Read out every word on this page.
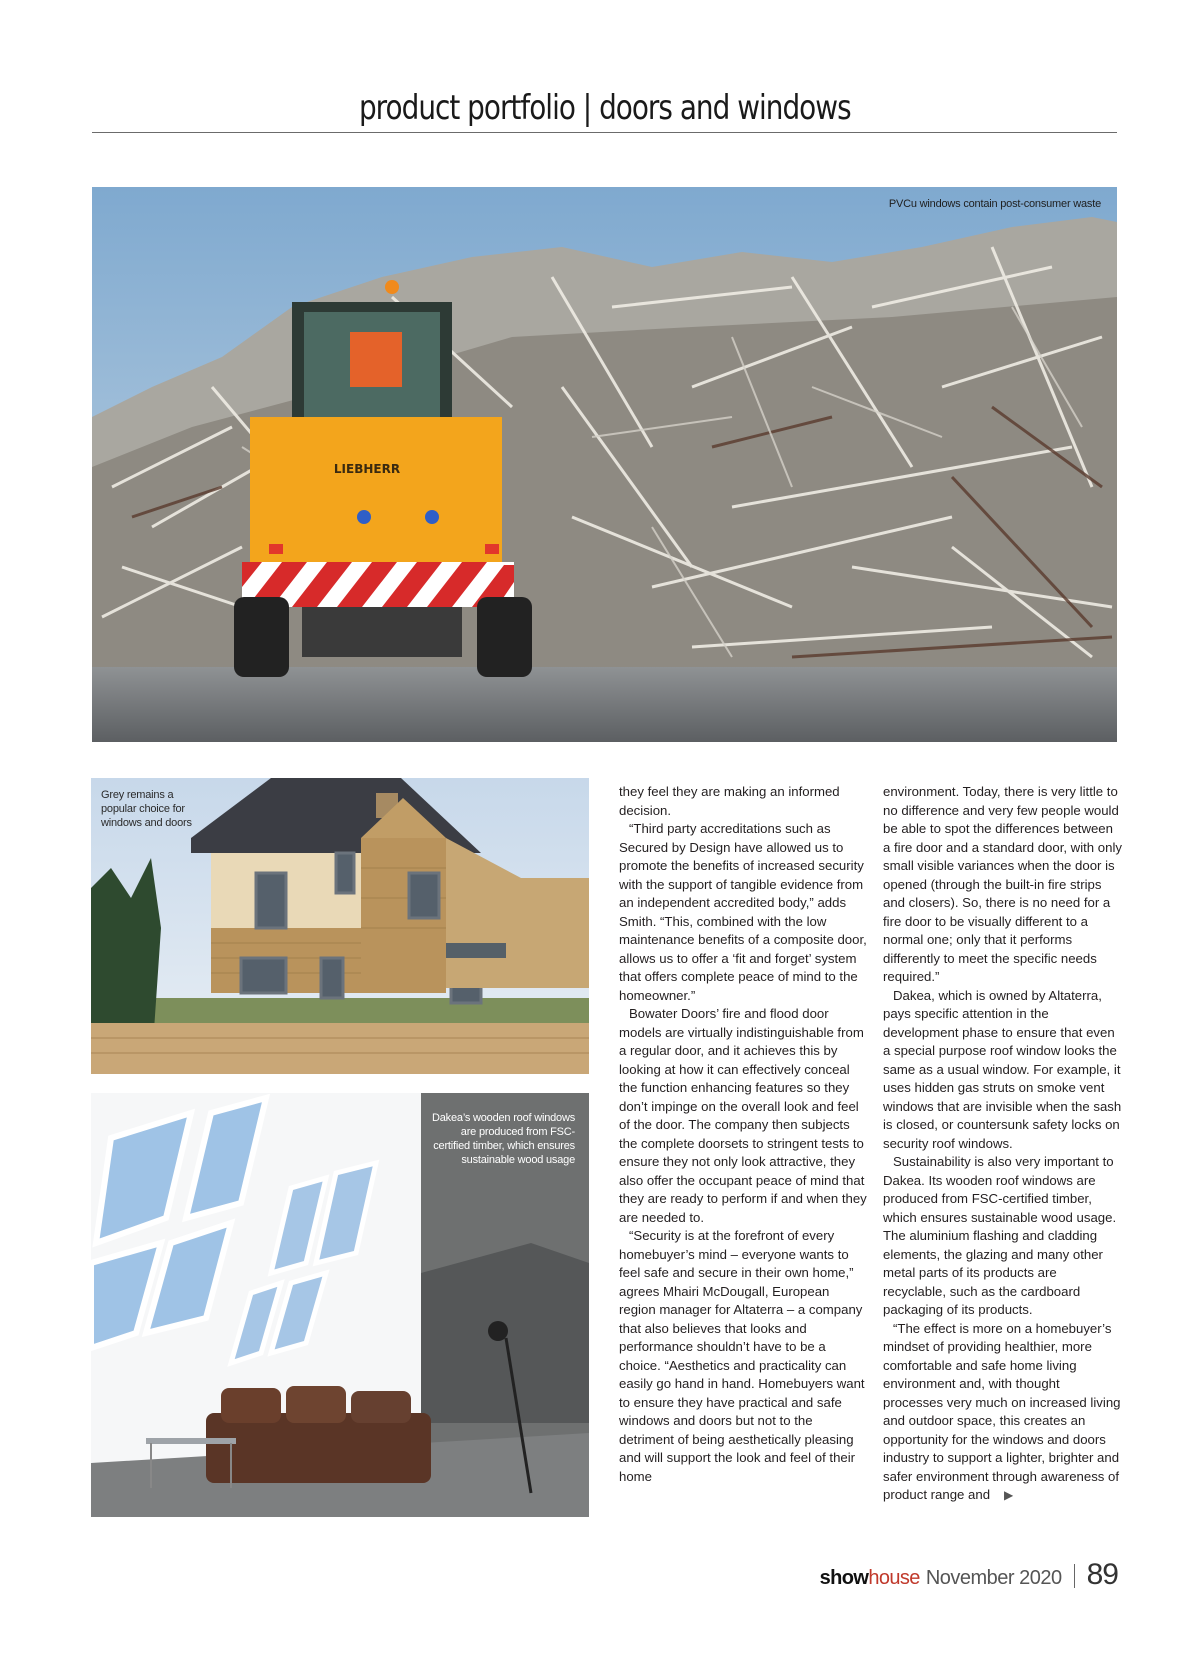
product portfolio | doors and windows
LIEBHERR
PVCu windows contain post-consumer waste
Grey remains a popular choice for windows and doors
Dakea’s wooden roof windows are produced from FSC-certified timber, which ensures sustainable wood usage

they feel they are making an informed decision.

“Third party accreditations such as Secured by Design have allowed us to promote the benefits of increased security with the support of tangible evidence from an independent accredited body,” adds Smith. “This, combined with the low maintenance benefits of a composite door, allows us to offer a ‘fit and forget’ system that offers complete peace of mind to the homeowner.”

Bowater Doors’ fire and flood door models are virtually indistinguishable from a regular door, and it achieves this by looking at how it can effectively conceal the function enhancing features so they don’t impinge on the overall look and feel of the door. The company then subjects the complete doorsets to stringent tests to ensure they not only look attractive, they also offer the occupant peace of mind that they are ready to perform if and when they are needed to.

“Security is at the forefront of every homebuyer’s mind – everyone wants to feel safe and secure in their own home,” agrees Mhairi McDougall, European region manager for Altaterra – a company that also believes that looks and performance shouldn’t have to be a choice. “Aesthetics and practicality can easily go hand in hand. Homebuyers want to ensure they have practical and safe windows and doors but not to the detriment of being aesthetically pleasing and will support the look and feel of their home

environment. Today, there is very little to no difference and very few people would be able to spot the differences between a fire door and a standard door, with only small visible variances when the door is opened (through the built-in fire strips and closers). So, there is no need for a fire door to be visually different to a normal one; only that it performs differently to meet the specific needs required.”

Dakea, which is owned by Altaterra, pays specific attention in the development phase to ensure that even a special purpose roof window looks the same as a usual window. For example, it uses hidden gas struts on smoke vent windows that are invisible when the sash is closed, or countersunk safety locks on security roof windows.

Sustainability is also very important to Dakea. Its wooden roof windows are produced from FSC-certified timber, which ensures sustainable wood usage. The aluminium flashing and cladding elements, the glazing and many other metal parts of its products are recyclable, such as the cardboard packaging of its products.

“The effect is more on a homebuyer’s mindset of providing healthier, more comfortable and safe home living environment and, with thought processes very much on increased living and outdoor space, this creates an opportunity for the windows and doors industry to support a lighter, brighter and safer environment through awareness of product range and ▶

showhouse November 2020 89
